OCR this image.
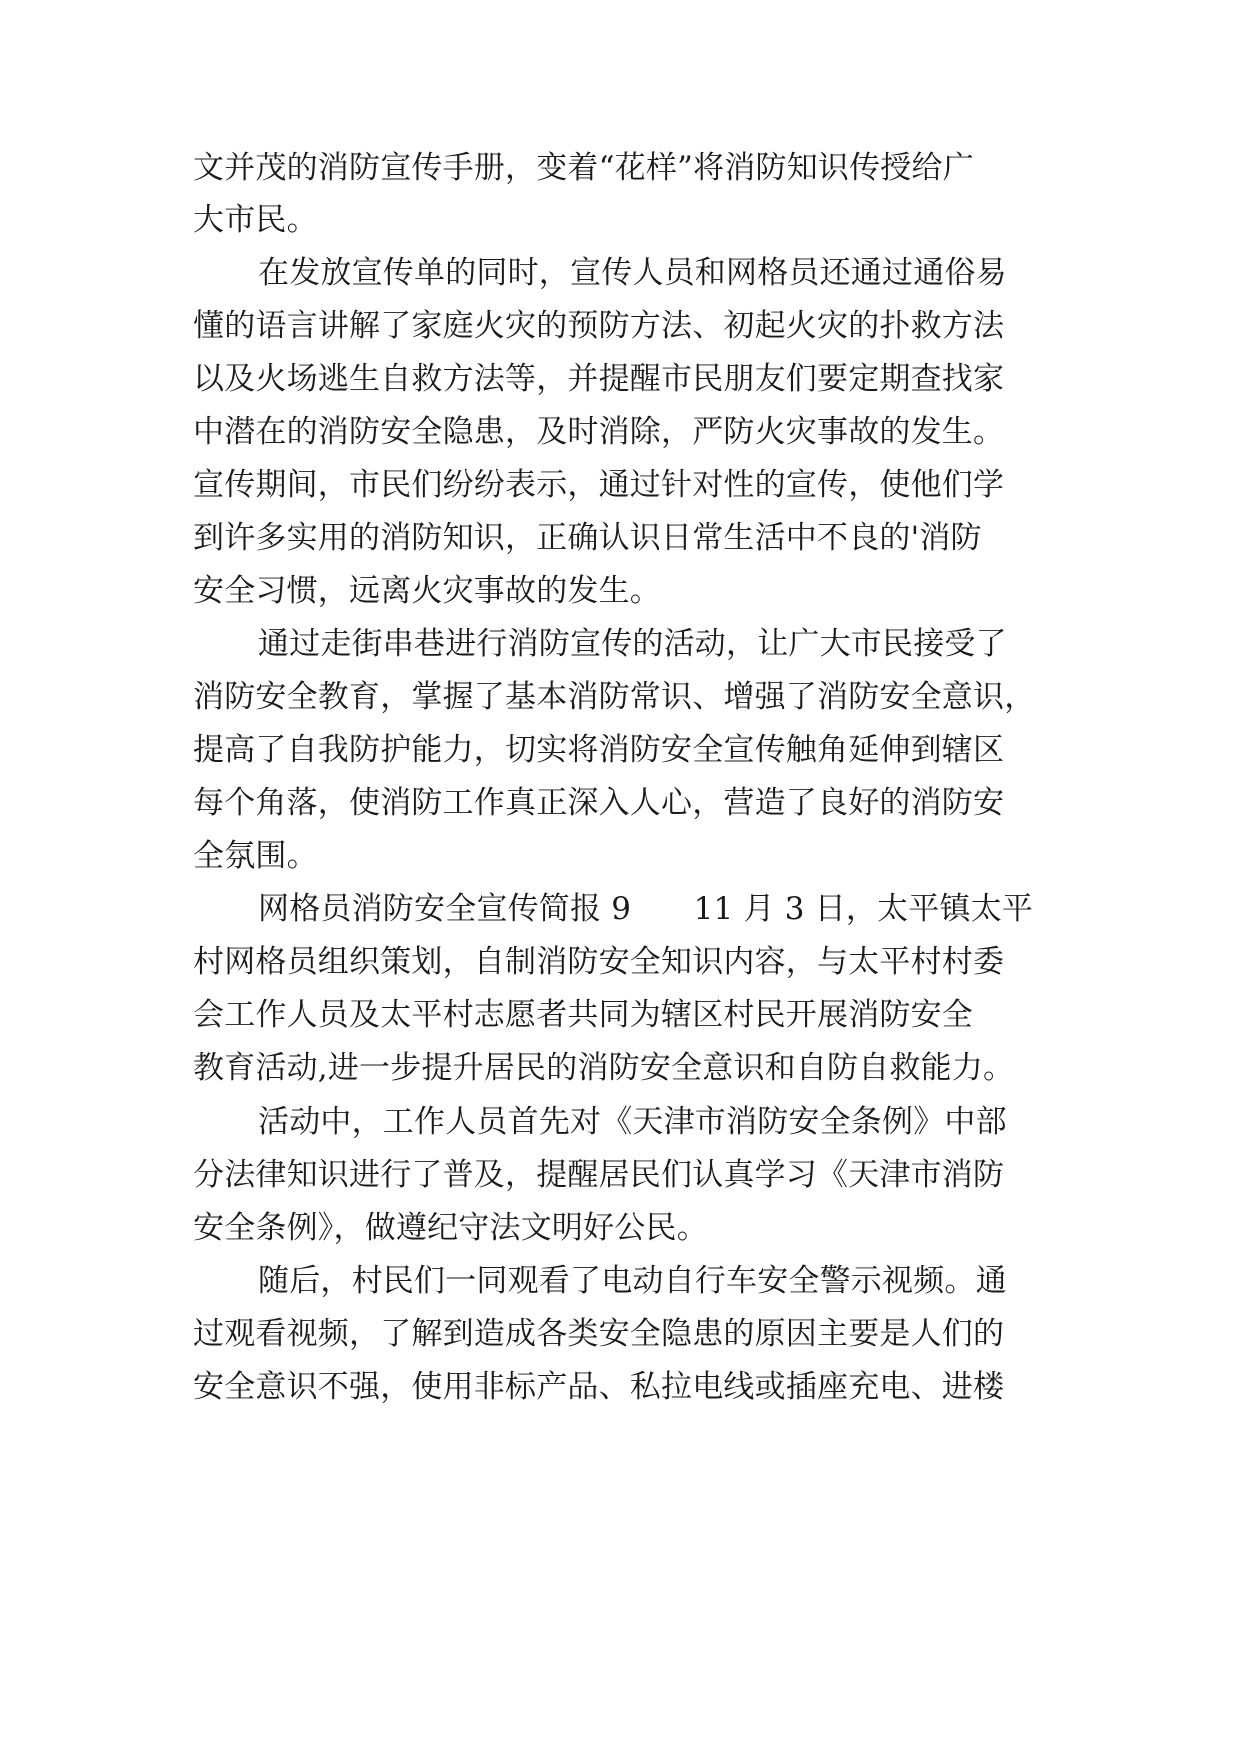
文并茂的消防宣传手册，变着“花样”将消防知识传授给广
大市民。
在发放宣传单的同时，宣传人员和网格员还通过通俗易
懂的语言讲解了家庭火灾的预防方法、初起火灾的扑救方法
以及火场逃生自救方法等，并提醒市民朋友们要定期查找家
中潜在的消防安全隐患，及时消除，严防火灾事故的发生。
宣传期间，市民们纷纷表示，通过针对性的宣传，使他们学
到许多实用的消防知识，正确认识日常生活中不良的'消防
安全习惯，远离火灾事故的发生。
通过走街串巷进行消防宣传的活动，让广大市民接受了
消防安全教育，掌握了基本消防常识、增强了消防安全意识，
提高了自我防护能力，切实将消防安全宣传触角延伸到辖区
每个角落，使消防工作真正深入人心，营造了良好的消防安
全氛围。
网格员消防安全宣传简报 9　　11 月 3 日，太平镇太平
村网格员组织策划，自制消防安全知识内容，与太平村村委
会工作人员及太平村志愿者共同为辖区村民开展消防安全
教育活动,进一步提升居民的消防安全意识和自防自救能力。
活动中，工作人员首先对《天津市消防安全条例》中部
分法律知识进行了普及，提醒居民们认真学习《天津市消防
安全条例》，做遵纪守法文明好公民。
随后，村民们一同观看了电动自行车安全警示视频。通
过观看视频，了解到造成各类安全隐患的原因主要是人们的
安全意识不强，使用非标产品、私拉电线或插座充电、进楼
